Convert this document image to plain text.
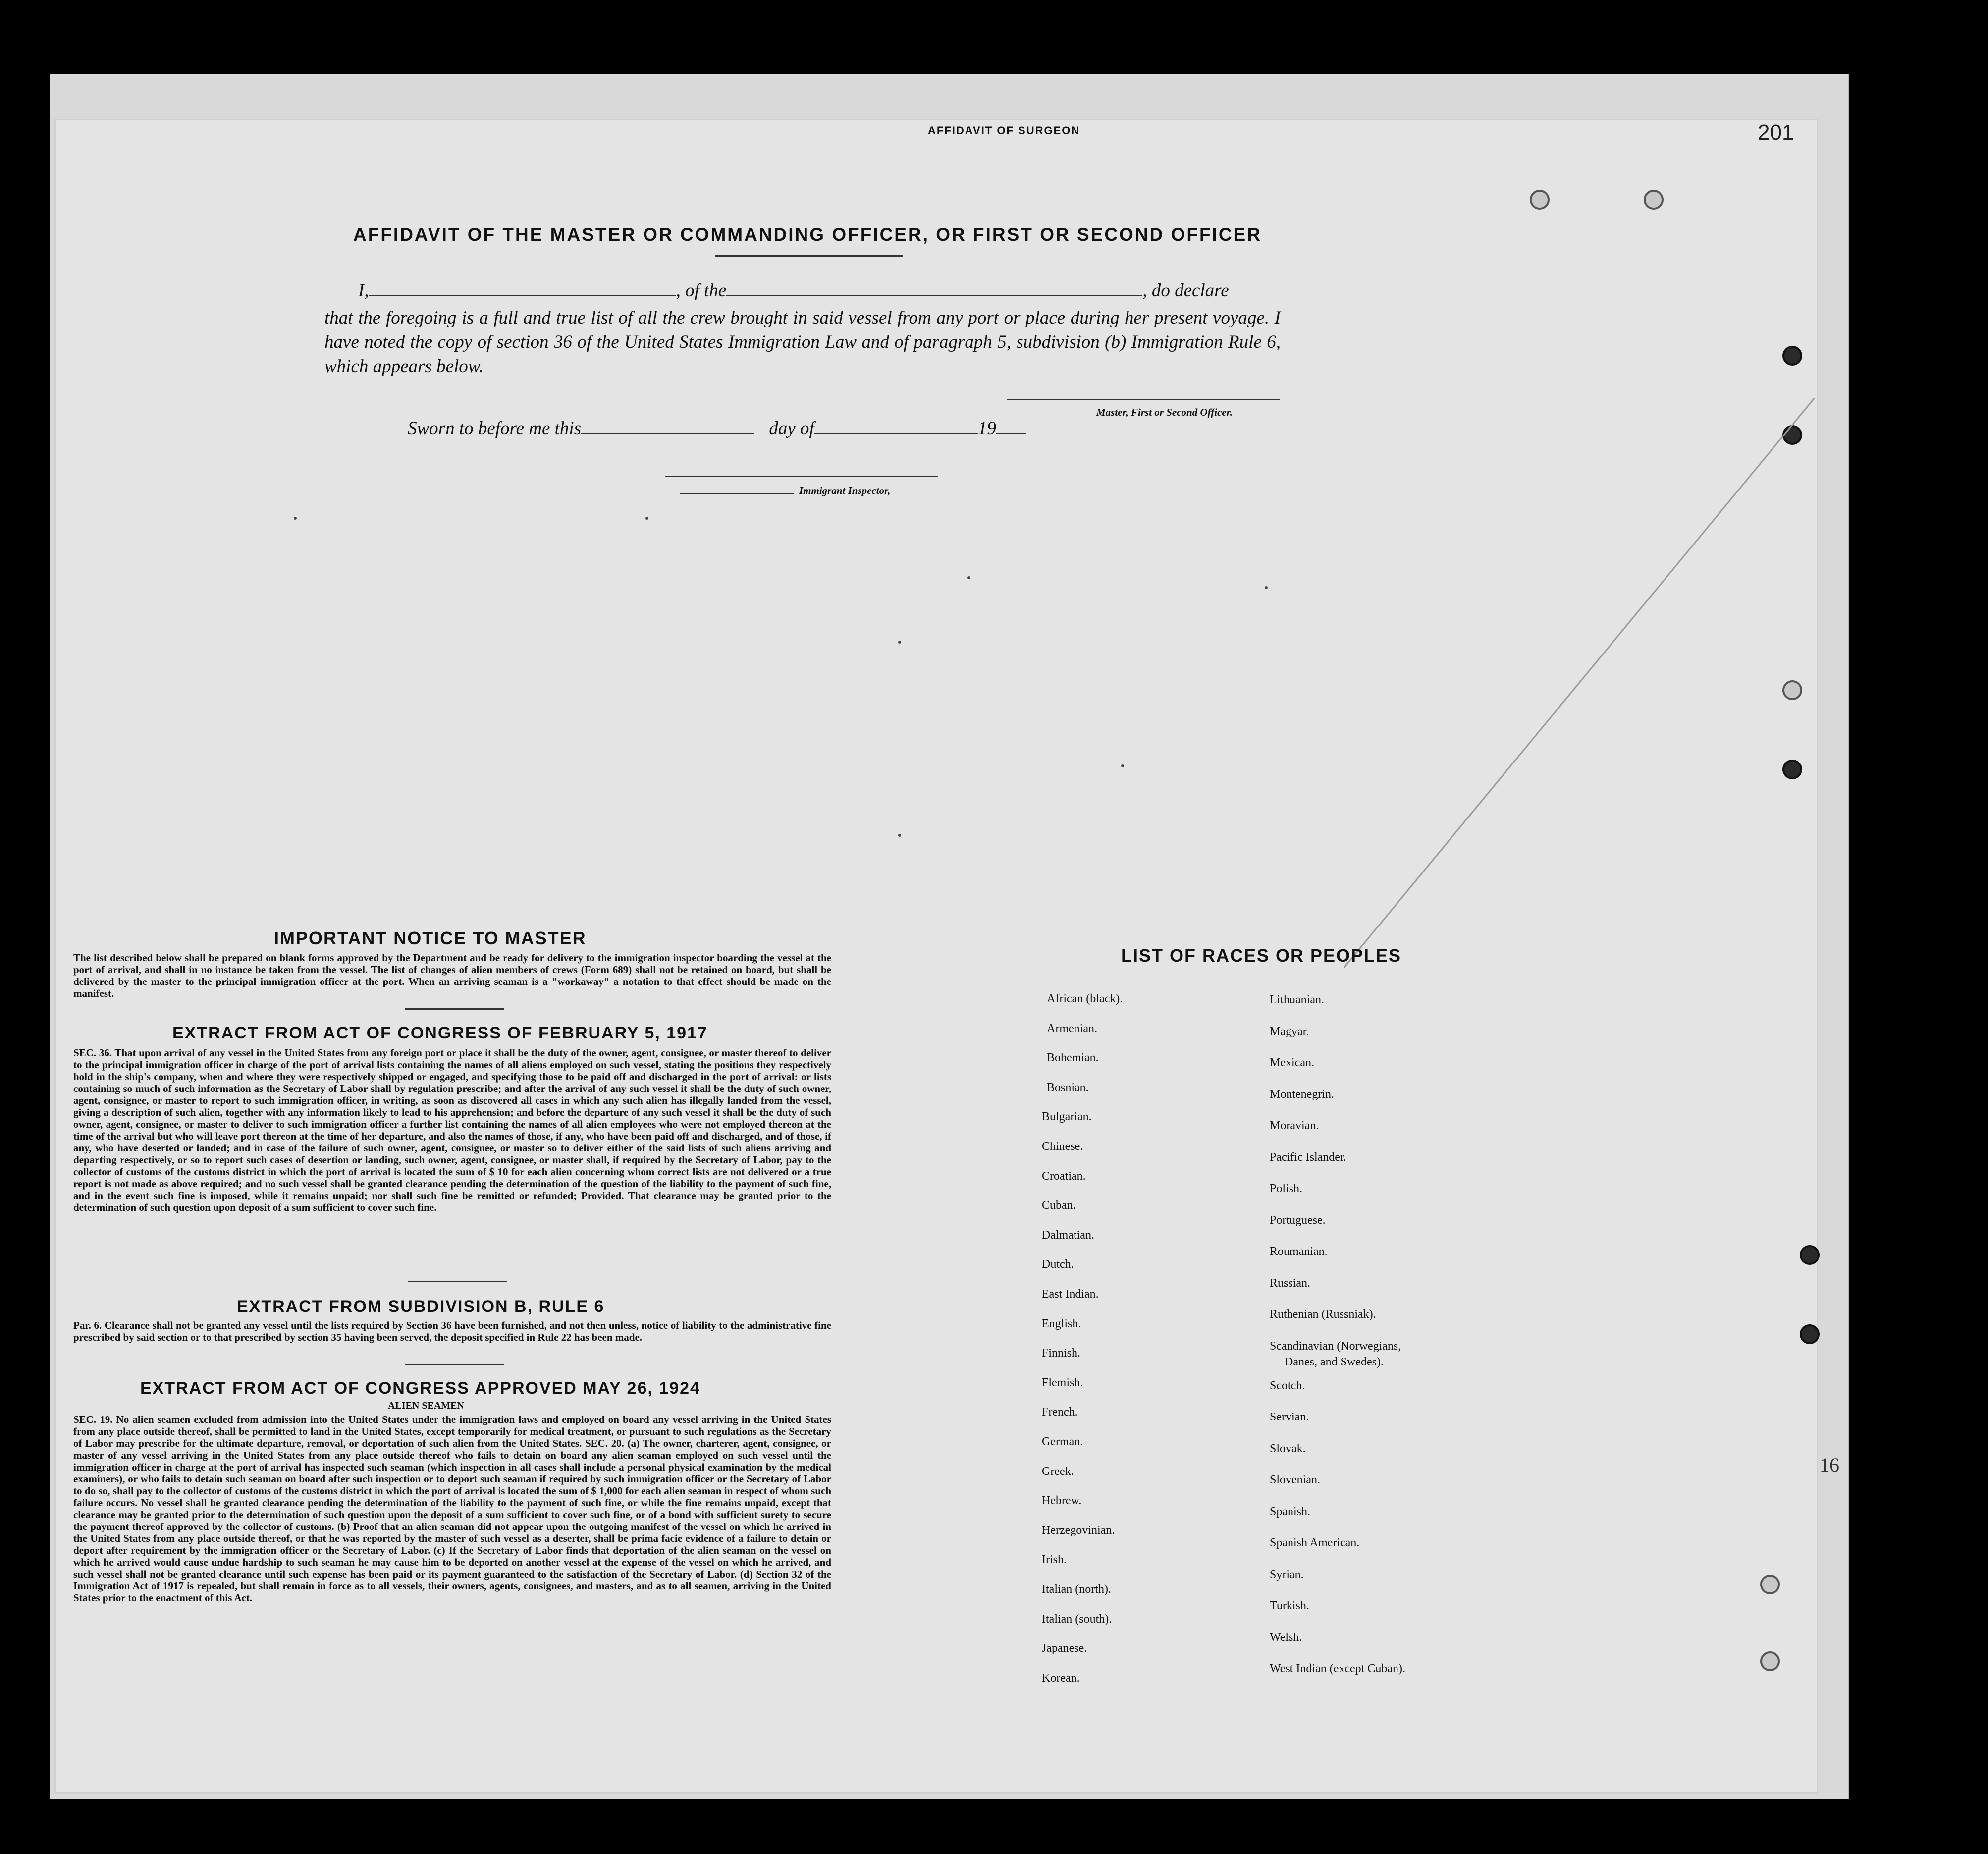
AFFIDAVIT OF SURGEON	201
AFFIDAVIT OF THE MASTER OR COMMANDING OFFICER, OR FIRST OR SECOND OFFICER
I,	, of the	, do declare
that the foregoing is a full and true list of all the crew brought in said vessel from any port or place during her present voyage. I have noted the copy of section 36 of the United States Immigration Law and of paragraph 5, subdivision (b) Immigration Rule 6, which appears below.
Master, First or Second Officer.
Sworn to before me this	day of	19
Immigrant Inspector,
IMPORTANT NOTICE TO MASTER
The list described below shall be prepared on blank forms approved by the Department and be ready for delivery to the immigration inspector boarding the vessel at the port of arrival, and shall in no instance be taken from the vessel. The list of changes of alien members of crews (Form 689) shall not be retained on board, but shall be delivered by the master to the principal immigration officer at the port. When an arriving seaman is a "workaway" a notation to that effect should be made on the manifest.
EXTRACT FROM ACT OF CONGRESS OF FEBRUARY 5, 1917
SEC. 36. That upon arrival of any vessel in the United States from any foreign port or place it shall be the duty of the owner, agent, consignee, or master thereof to deliver to the principal immigration officer in charge of the port of arrival lists containing the names of all aliens employed on such vessel, stating the positions they respectively hold in the ship's company, when and where they were respectively shipped or engaged, and specifying those to be paid off and discharged in the port of arrival: or lists containing so much of such information as the Secretary of Labor shall by regulation prescribe; and after the arrival of any such vessel it shall be the duty of such owner, agent, consignee, or master to report to such immigration officer, in writing, as soon as discovered all cases in which any such alien has illegally landed from the vessel, giving a description of such alien, together with any information likely to lead to his apprehension; and before the departure of any such vessel it shall be the duty of such owner, agent, consignee, or master to deliver to such immigration officer a further list containing the names of all alien employees who were not employed thereon at the time of the arrival but who will leave port thereon at the time of her departure, and also the names of those, if any, who have been paid off and discharged, and of those, if any, who have deserted or landed; and in case of the failure of such owner, agent, consignee, or master so to deliver either of the said lists of such aliens arriving and departing respectively, or so to report such cases of desertion or landing, such owner, agent, consignee, or master shall, if required by the Secretary of Labor, pay to the collector of customs of the customs district in which the port of arrival is located the sum of $ 10 for each alien concerning whom correct lists are not delivered or a true report is not made as above required; and no such vessel shall be granted clearance pending the determination of the question of the liability to the payment of such fine, and in the event such fine is imposed, while it remains unpaid; nor shall such fine be remitted or refunded; Provided. That clearance may be granted prior to the determination of such question upon deposit of a sum sufficient to cover such fine.
EXTRACT FROM SUBDIVISION B, RULE 6
Par. 6. Clearance shall not be granted any vessel until the lists required by Section 36 have been furnished, and not then unless, notice of liability to the administrative fine prescribed by said section or to that prescribed by section 35 having been served, the deposit specified in Rule 22 has been made.
EXTRACT FROM ACT OF CONGRESS APPROVED MAY 26, 1924
ALIEN SEAMEN
SEC. 19. No alien seamen excluded from admission into the United States under the immigration laws and employed on board any vessel arriving in the United States from any place outside thereof, shall be permitted to land in the United States, except temporarily for medical treatment, or pursuant to such regulations as the Secretary of Labor may prescribe for the ultimate departure, removal, or deportation of such alien from the United States. SEC. 20. (a) The owner, charterer, agent, consignee, or master of any vessel arriving in the United States from any place outside thereof who fails to detain on board any alien seaman employed on such vessel until the immigration officer in charge at the port of arrival has inspected such seaman (which inspection in all cases shall include a personal physical examination by the medical examiners), or who fails to detain such seaman on board after such inspection or to deport such seaman if required by such immigration officer or the Secretary of Labor to do so, shall pay to the collector of customs of the customs district in which the port of arrival is located the sum of $ 1,000 for each alien seaman in respect of whom such failure occurs. No vessel shall be granted clearance pending the determination of the liability to the payment of such fine, or while the fine remains unpaid, except that clearance may be granted prior to the determination of such question upon the deposit of a sum sufficient to cover such fine, or of a bond with sufficient surety to secure the payment thereof approved by the collector of customs. (b) Proof that an alien seaman did not appear upon the outgoing manifest of the vessel on which he arrived in the United States from any place outside thereof, or that he was reported by the master of such vessel as a deserter, shall be prima facie evidence of a failure to detain or deport after requirement by the immigration officer or the Secretary of Labor. (c) If the Secretary of Labor finds that deportation of the alien seaman on the vessel on which he arrived would cause undue hardship to such seaman he may cause him to be deported on another vessel at the expense of the vessel on which he arrived, and such vessel shall not be granted clearance until such expense has been paid or its payment guaranteed to the satisfaction of the Secretary of Labor. (d) Section 32 of the Immigration Act of 1917 is repealed, but shall remain in force as to all vessels, their owners, agents, consignees, and masters, and as to all seamen, arriving in the United States prior to the enactment of this Act.
LIST OF RACES OR PEOPLES
African (black).
Armenian.
Bohemian.
Bosnian.
Bulgarian.
Chinese.
Croatian.
Cuban.
Dalmatian.
Dutch.
East Indian.
English.
Finnish.
Flemish.
French.
German.
Greek.
Hebrew.
Herzegovinian.
Irish.
Italian (north).
Italian (south).
Japanese.
Korean.
Lithuanian.
Magyar.
Mexican.
Montenegrin.
Moravian.
Pacific Islander.
Polish.
Portuguese.
Roumanian.
Russian.
Ruthenian (Russniak).
Scandinavian (Norwegians,
Danes, and Swedes).
Scotch.
Servian.
Slovak.
Slovenian.
Spanish.
Spanish American.
Syrian.
Turkish.
Welsh.
West Indian (except Cuban).
16
